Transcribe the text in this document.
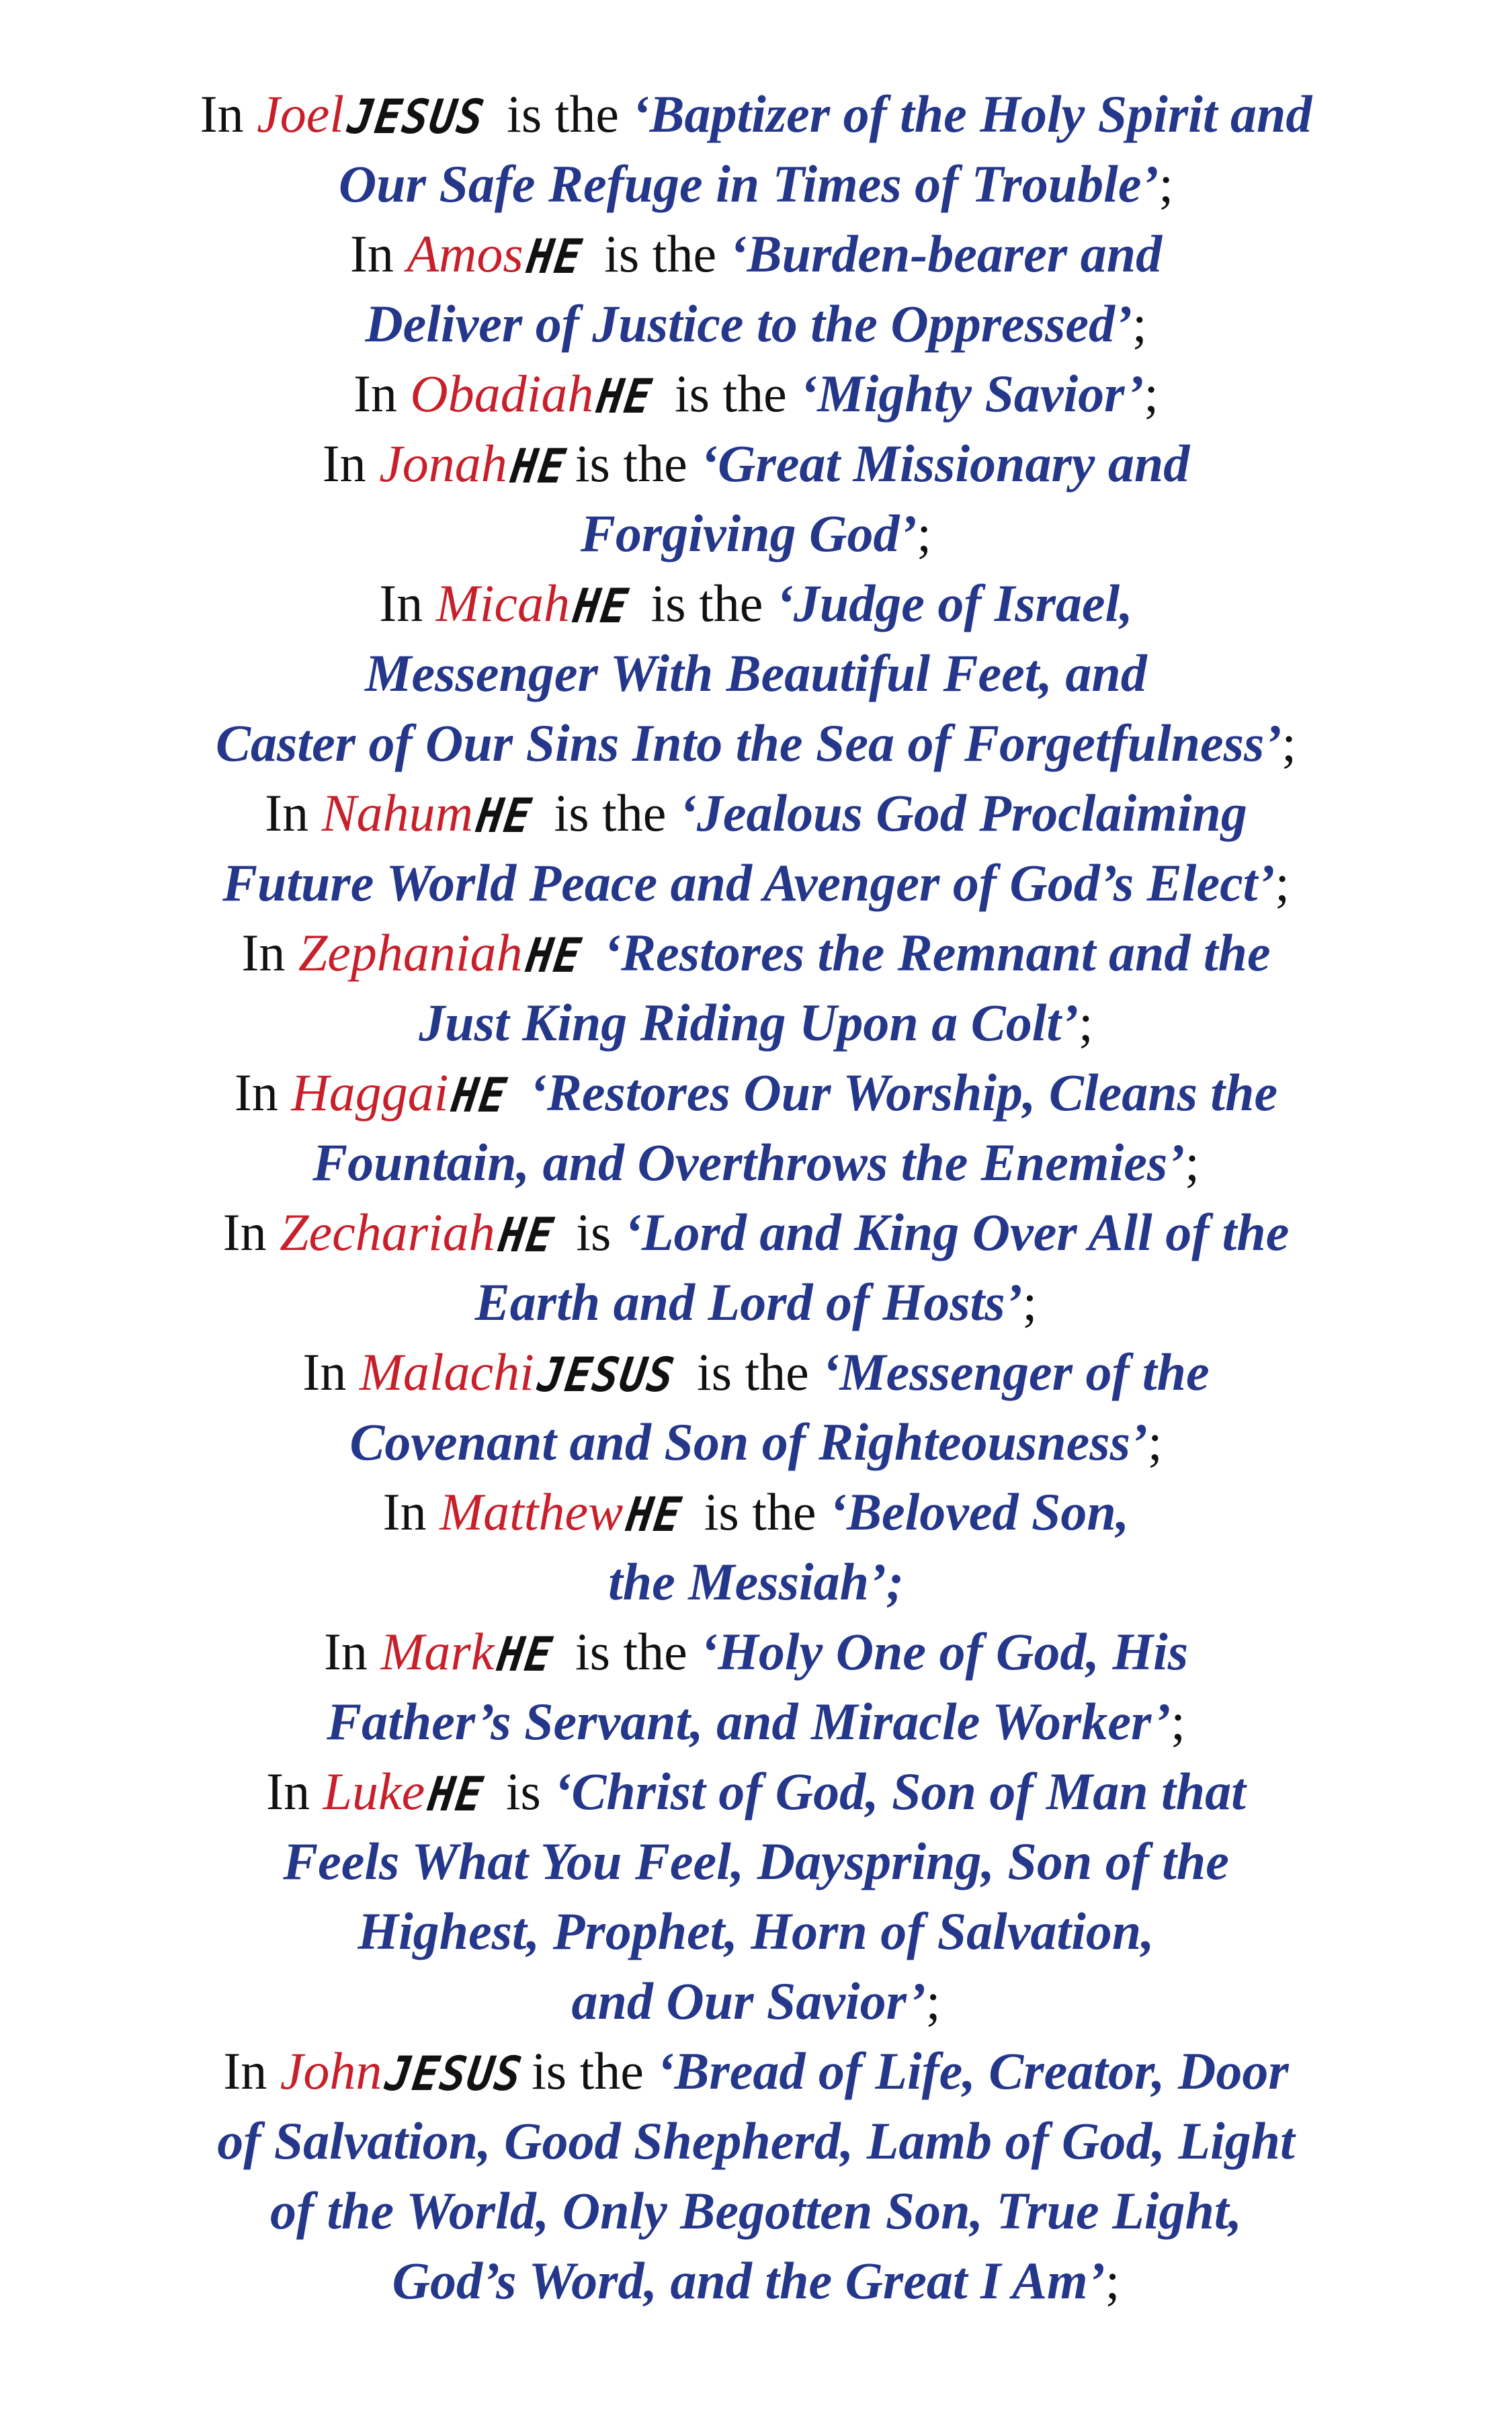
In JoelJESUS is the ‘Baptizer of the Holy Spirit and
Our Safe Refuge in Times of Trouble’;
In AmosHE is the ‘Burden-bearer and
Deliver of Justice to the Oppressed’;
In ObadiahHE is the ‘Mighty Savior’;
In JonahHE is the ‘Great Missionary and
Forgiving God’;
In MicahHE is the ‘Judge of Israel,
Messenger With Beautiful Feet, and
Caster of Our Sins Into the Sea of Forgetfulness’;
In NahumHE is the ‘Jealous God Proclaiming
Future World Peace and Avenger of God’s Elect’;
In ZephaniahHE ‘Restores the Remnant and the
Just King Riding Upon a Colt’;
In HaggaiHE ‘Restores Our Worship, Cleans the
Fountain, and Overthrows the Enemies’;
In ZechariahHE is ‘Lord and King Over All of the
Earth and Lord of Hosts’;
In MalachiJESUS is the ‘Messenger of the
Covenant and Son of Righteousness’;
In MatthewHE is the ‘Beloved Son,
the Messiah’;
In MarkHE is the ‘Holy One of God, His
Father’s Servant, and Miracle Worker’;
In LukeHE is ‘Christ of God, Son of Man that
Feels What You Feel, Dayspring, Son of the
Highest, Prophet, Horn of Salvation,
and Our Savior’;
In JohnJESUS is the ‘Bread of Life, Creator, Door
of Salvation, Good Shepherd, Lamb of God, Light
of the World, Only Begotten Son, True Light,
God’s Word, and the Great I Am’;
